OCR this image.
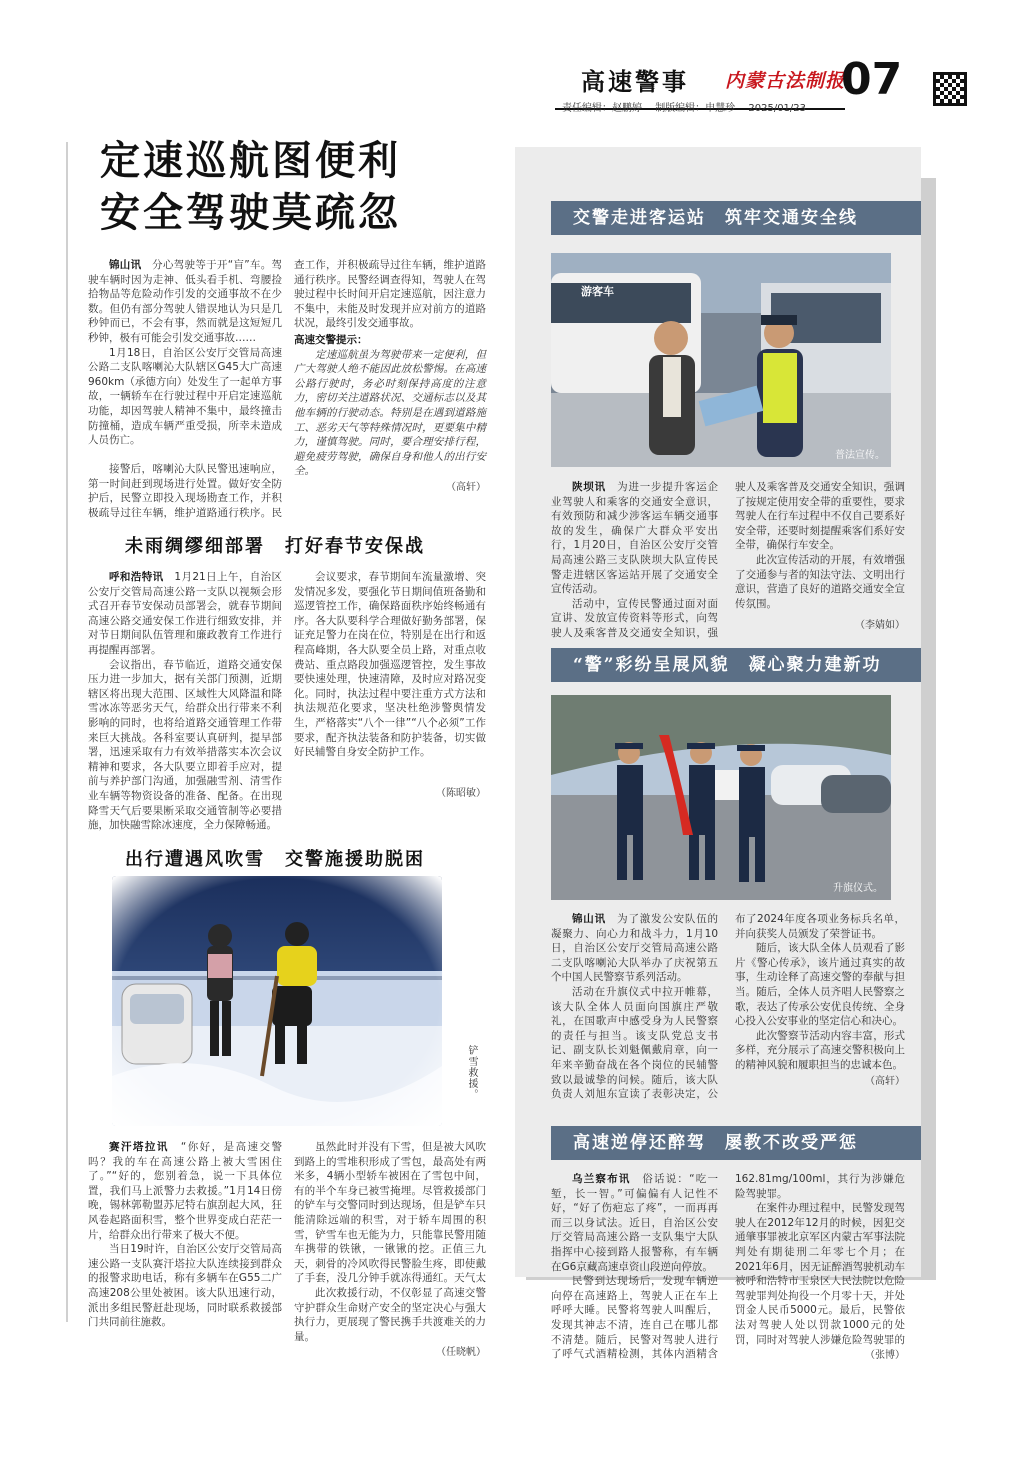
高速警事 内蒙古法制报
07
责任编辑：赵鹏婷 制版编辑：申慧珍 2025/01/23
定速巡航图便利
安全驾驶莫疏忽

锦山讯　 分心驾驶等于开“盲”车。驾驶车辆时因为走神、低头看手机、弯腰捡拾物品等危险动作引发的交通事故不在少数。但仍有部分驾驶人错误地认为只是几秒钟而已，不会有事，然而就是这短短几秒钟，极有可能会引发交通事故……

1月18日，自治区公安厅交管局高速公路二支队喀喇沁大队辖区G45大广高速960km（承德方向）处发生了一起单方事故，一辆轿车在行驶过程中开启定速巡航功能，却因驾驶人精神不集中，最终撞击防撞桶，造成车辆严重受损，所幸未造成人员伤亡。

接警后，喀喇沁大队民警迅速响应，第一时间赶到现场进行处置。做好安全防护后，民警立即投入现场勘查工作，并积极疏导过往车辆，维护道路通行秩序。民

查工作，并积极疏导过往车辆，维护道路通行秩序。民警经调查得知，驾驶人在驾驶过程中长时间开启定速巡航，因注意力不集中，未能及时发现并应对前方的道路状况，最终引发交通事故。

高速交警提示：

定速巡航虽为驾驶带来一定便利，但广大驾驶人绝不能因此放松警惕。在高速公路行驶时，务必时刻保持高度的注意力，密切关注道路状况、交通标志以及其他车辆的行驶动态。特别是在遇到道路施工、恶劣天气等特殊情况时，更要集中精力，谨慎驾驶。同时，要合理安排行程，避免疲劳驾驶，确保自身和他人的出行安全。

（高轩）
未雨绸缪细部署　打好春节安保战

呼和浩特讯　 1月21日上午，自治区公安厅交管局高速公路一支队以视频会形式召开春节安保动员部署会，就春节期间高速公路交通安保工作进行细致安排，并对节日期间队伍管理和廉政教育工作进行再提醒再部署。

会议指出，春节临近，道路交通安保压力进一步加大，据有关部门预测，近期辖区将出现大范围、区域性大风降温和降雪冰冻等恶劣天气，给群众出行带来不利影响的同时，也将给道路交通管理工作带来巨大挑战。各科室要认真研判，提早部署，迅速采取有力有效举措落实本次会议精神和要求，各大队要立即着手应对，提前与养护部门沟通，加强融雪剂、清雪作业车辆等物资设备的准备、配备。在出现降雪天气后要果断采取交通管制等必要措施，加快融雪除冰速度，全力保障畅通。

会议要求，春节期间车流量激增、突发情况多发，要强化节日期间值班备勤和巡逻管控工作，确保路面秩序始终畅通有序。各大队要科学合理做好勤务部署，保证充足警力在岗在位，特别是在出行和返程高峰期，各大队要全员上路，对重点收费站、重点路段加强巡逻管控，发生事故要快速处理，快速清障，及时应对路况变化。同时，执法过程中要注重方式方法和执法规范化要求，坚决杜绝涉警舆情发生，严格落实“八个一律”“八个必须”工作要求，配齐执法装备和防护装备，切实做好民辅警自身安全防护工作。

（陈昭敏）
出行遭遇风吹雪　交警施援助脱困
铲雪救援。

赛汗塔拉讯　 “你好，是高速交警吗？我的车在高速公路上被大雪困住了。”“好的，您别着急，说一下具体位置，我们马上派警力去救援。”1月14日傍晚，锡林郭勒盟苏尼特右旗刮起大风，狂风卷起路面积雪，整个世界变成白茫茫一片，给群众出行带来了极大不便。

当日19时许，自治区公安厅交管局高速公路一支队赛汗塔拉大队连续接到群众的报警求助电话，称有多辆车在G55二广高速208公里处被困。该大队迅速行动，派出多组民警赶赴现场，同时联系救援部门共同前往施救。

虽然此时并没有下雪，但是被大风吹到路上的雪堆积形成了雪包，最高处有两米多，4辆小型轿车被困在了雪包中间，有的半个车身已被雪掩埋。尽管救援部门的铲车与交警同时到达现场，但是铲车只能清除远端的积雪，对于轿车周围的积雪，铲雪车也无能为力，只能靠民警用随车携带的铁锹，一锹锹的挖。正值三九天，刺骨的冷风吹得民警脸生疼，即使戴了手套，没几分钟手就冻得通红。天气太

此次救援行动，不仅彰显了高速交警守护群众生命财产安全的坚定决心与强大执行力，更展现了警民携手共渡难关的力量。

（任晓帆）
交警走进客运站　筑牢交通安全线
游客车
普法宣传。

陕坝讯　 为进一步提升客运企业驾驶人和乘客的交通安全意识，有效预防和减少涉客运车辆交通事故的发生，确保广大群众平安出行，1月20日，自治区公安厅交管局高速公路三支队陕坝大队宣传民警走进辖区客运站开展了交通安全宣传活动。

活动中，宣传民警通过面对面宣讲、发放宣传资料等形式，向驾驶人及乘客普及交通安全知识，强

驶人及乘客普及交通安全知识，强调了按规定使用安全带的重要性，要求驾驶人在行车过程中不仅自己要系好安全带，还要时刻提醒乘客们系好安全带，确保行车安全。

此次宣传活动的开展，有效增强了交通参与者的知法守法、文明出行意识，营造了良好的道路交通安全宣传氛围。

（李婧如）
“警”彩纷呈展风貌　凝心聚力建新功
升旗仪式。

锦山讯　 为了激发公安队伍的凝聚力、向心力和战斗力，1月10日，自治区公安厅交管局高速公路二支队喀喇沁大队举办了庆祝第五个中国人民警察节系列活动。

活动在升旗仪式中拉开帷幕，该大队全体人员面向国旗庄严敬礼，在国歌声中感受身为人民警察的责任与担当。该支队党总支书记、副支队长刘魁佩戴肩章，向一年来辛勤奋战在各个岗位的民辅警致以最诚挚的问候。随后，该大队负责人刘旭东宣读了表彰决定，公

布了2024年度各项业务标兵名单，并向获奖人员颁发了荣誉证书。

随后，该大队全体人员观看了影片《警心传承》，该片通过真实的故事，生动诠释了高速交警的奉献与担当。随后，全体人员齐唱人民警察之歌，表达了传承公安优良传统、全身心投入公安事业的坚定信心和决心。

此次警察节活动内容丰富，形式多样，充分展示了高速交警积极向上的精神风貌和履职担当的忠诚本色。

（高轩）
高速逆停还醉驾　屡教不改受严惩

乌兰察布讯　 俗话说：“吃一堑，长一智。”可偏偏有人记性不好，“好了伤疤忘了疼”，一而再再而三以身试法。近日，自治区公安厅交管局高速公路一支队集宁大队指挥中心接到路人报警称，有车辆在G6京藏高速卓资山段逆向停放。

民警到达现场后，发现车辆逆向停在高速路上，驾驶人正在车上呼呼大睡。民警将驾驶人叫醒后，发现其神志不清，连自己在哪儿都不清楚。随后，民警对驾驶人进行了呼气式酒精检测，其体内酒精含

162.81mg/100ml，其行为涉嫌危险驾驶罪。

在案件办理过程中，民警发现驾驶人在2012年12月的时候，因犯交通肇事罪被北京军区内蒙古军事法院判处有期徒刑二年零七个月；在2021年6月，因无证醉酒驾驶机动车被呼和浩特市玉泉区人民法院以危险驾驶罪判处拘役一个月零十天，并处罚金人民币5000元。最后，民警依法对驾驶人处以罚款1000元的处罚，同时对驾驶人涉嫌危险驾驶罪的

（张博）
